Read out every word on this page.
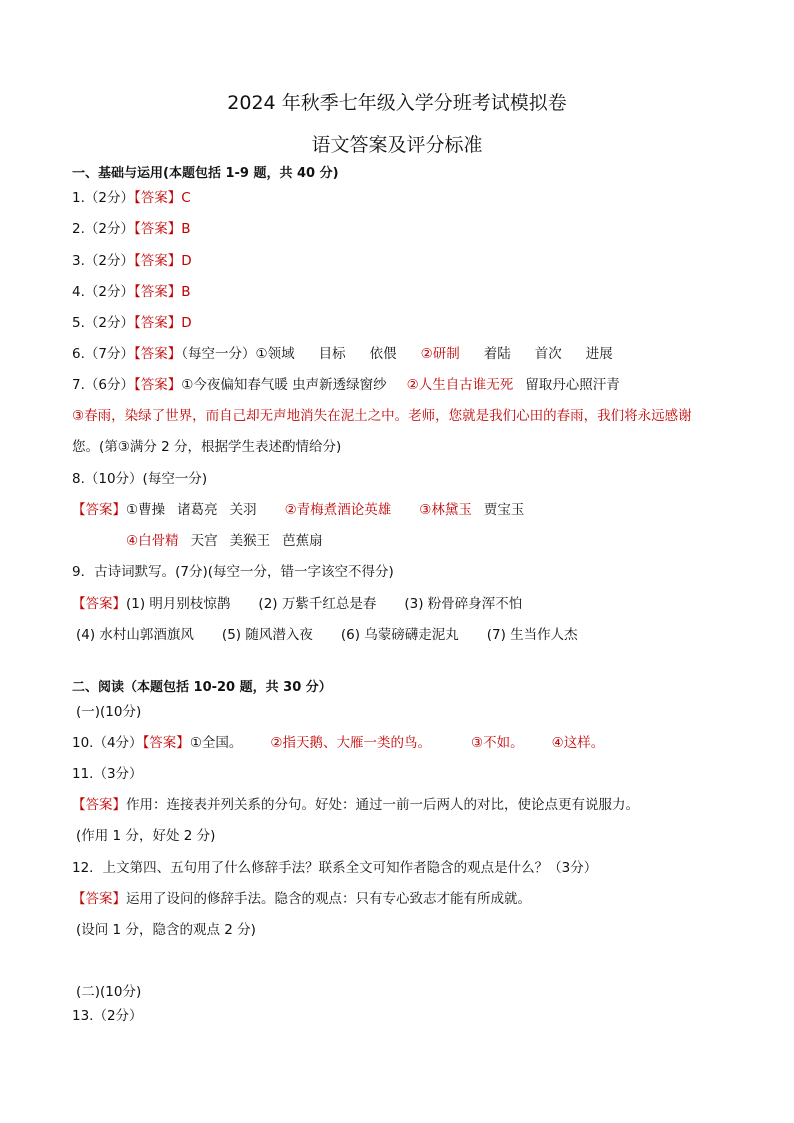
2024 年秋季七年级入学分班考试模拟卷
语文答案及评分标准
一、基础与运用(本题包括 1-9 题，共 40 分)
1.（2分）【答案】C
2.（2分）【答案】B
3.（2分）【答案】D
4.（2分）【答案】B
5.（2分）【答案】D
6.（7分）【答案】（每空一分）①领域 目标 依偎 ②研制 着陆 首次 进展
7.（6分）【答案】①今夜偏知春气暖 虫声新透绿窗纱 ②人生自古谁无死 留取丹心照汗青
③春雨，染绿了世界，而自己却无声地消失在泥土之中。老师，您就是我们心田的春雨，我们将永远感谢
您。(第③满分 2 分，根据学生表述酌情给分)
8.（10分）(每空一分)
【答案】①曹操 诸葛亮 关羽 ②青梅煮酒论英雄 ③林黛玉 贾宝玉
④白骨精 天宫 美猴王 芭蕉扇
9．古诗词默写。(7分)(每空一分，错一字该空不得分)
【答案】(1) 明月别枝惊鹊 (2) 万紫千红总是春 (3) 粉骨碎身浑不怕
(4) 水村山郭酒旗风 (5) 随风潜入夜 (6) 乌蒙磅礴走泥丸 (7) 生当作人杰
二、阅读（本题包括 10-20 题，共 30 分）
(一)(10分)
10.（4分）【答案】①全国。 ②指天鹅、大雁一类的鸟。	③不如。 ④这样。
11.（3分）
【答案】作用：连接表并列关系的分句。好处：通过一前一后两人的对比，使论点更有说服力。
(作用 1 分，好处 2 分)
12．上文第四、五句用了什么修辞手法？联系全文可知作者隐含的观点是什么？（3分）
【答案】运用了设问的修辞手法。隐含的观点：只有专心致志才能有所成就。
(设问 1 分，隐含的观点 2 分)
(二)(10分)
13.（2分）
